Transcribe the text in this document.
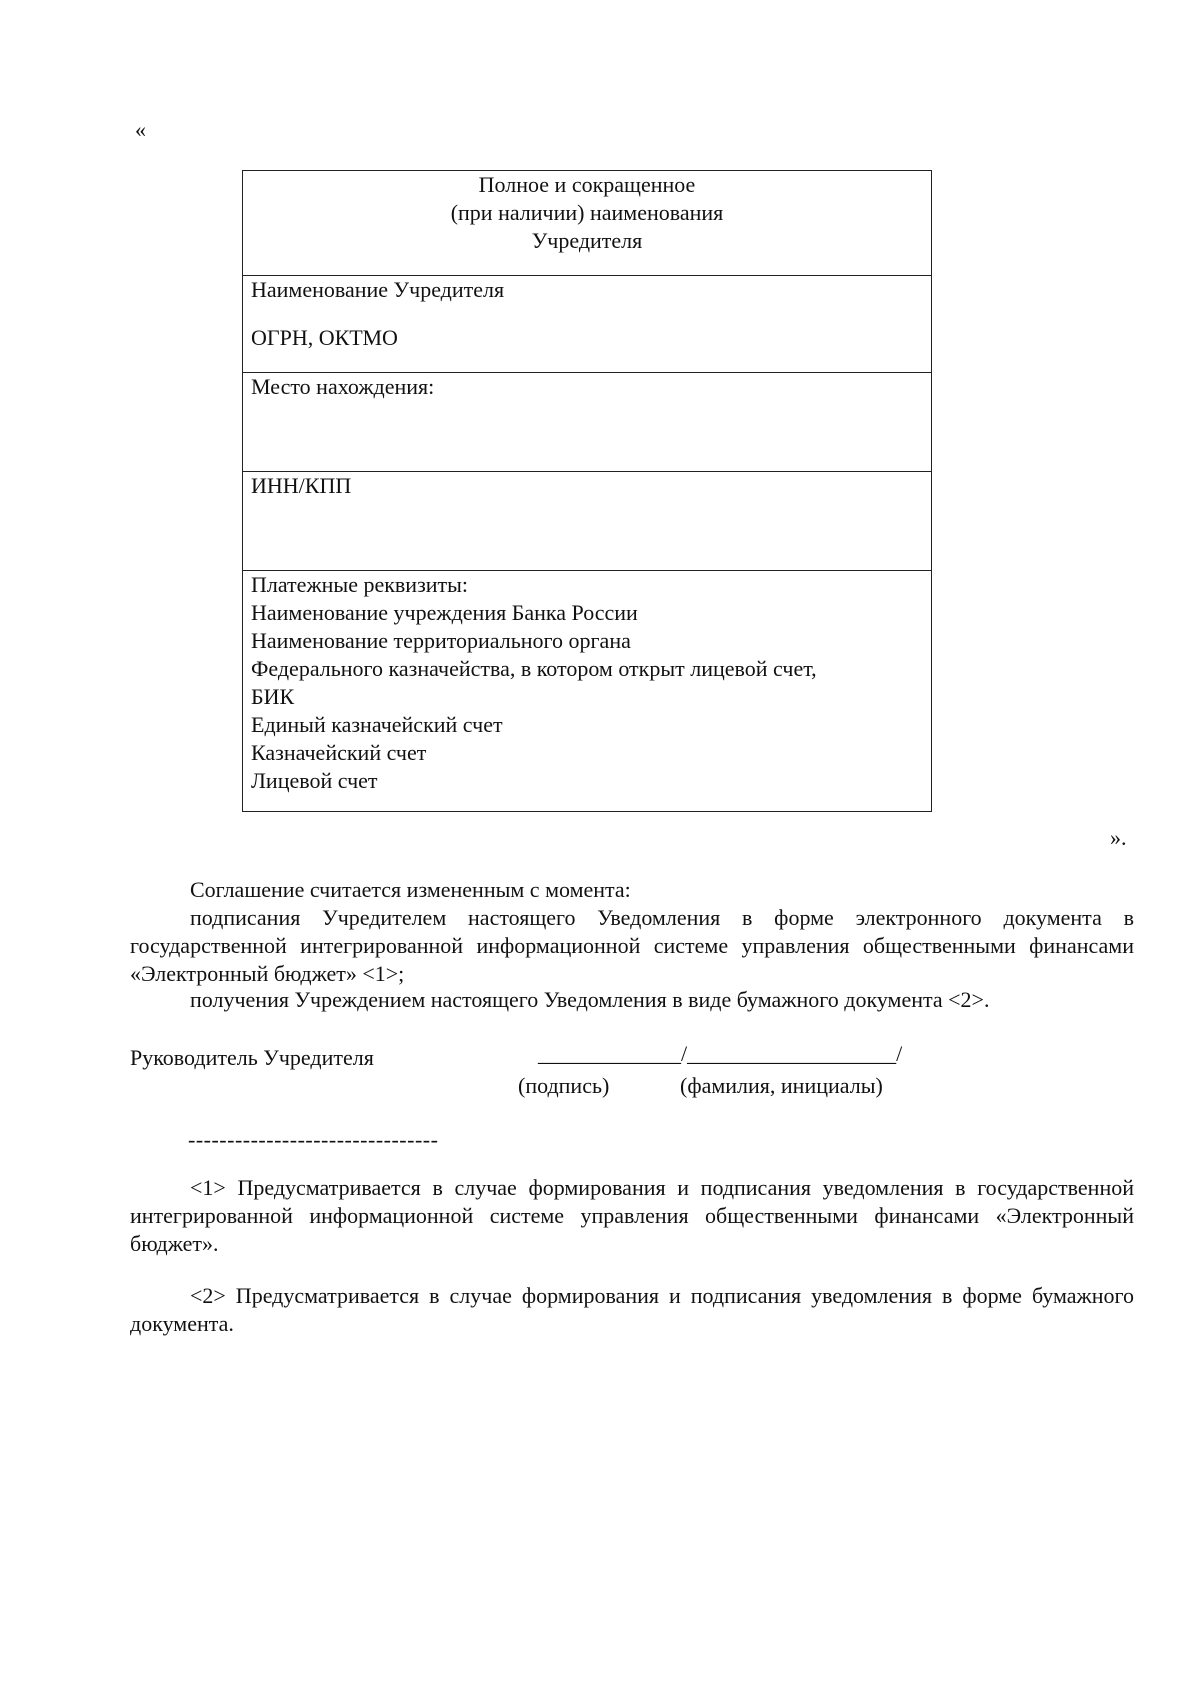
«
Полное и сокращенное
(при наличии) наименования
Учредителя

Наименование Учредителя
ОГРН, ОКТМО

Место нахождения:

ИНН/КПП

Платежные реквизиты:
Наименование учреждения Банка России
Наименование территориального органа
Федерального казначейства, в котором открыт лицевой счет,
БИК
Единый казначейский счет
Казначейский счет
Лицевой счет
».
Соглашение считается измененным с момента:
подписания Учредителем настоящего Уведомления в форме электронного документа в государственной интегрированной информационной системе управления общественными финансами «Электронный бюджет» <1>;
получения Учреждением настоящего Уведомления в виде бумажного документа <2>.
Руководитель Учредителя	_____________/___________________/
(подпись)	(фамилия, инициалы)
--------------------------------
<1> Предусматривается в случае формирования и подписания уведомления в государственной интегрированной информационной системе управления общественными финансами «Электронный бюджет».
<2> Предусматривается в случае формирования и подписания уведомления в форме бумажного документа.
